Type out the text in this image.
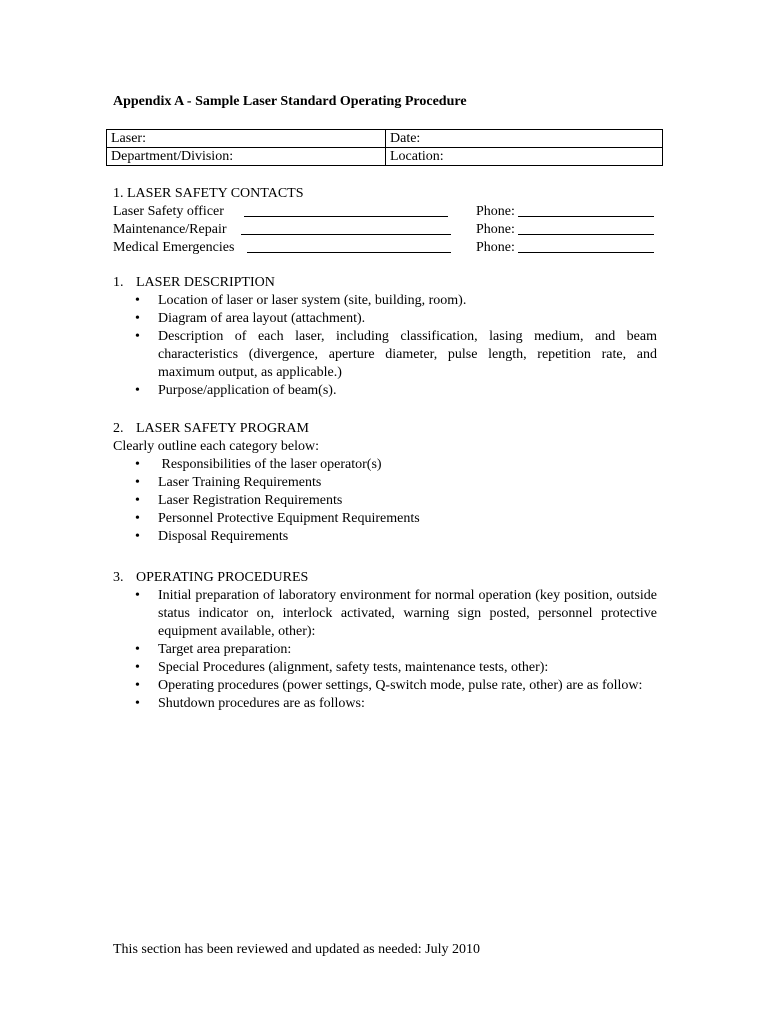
Appendix A - Sample Laser Standard Operating Procedure
Laser:	Date:
Department/Division:	Location:
1. LASER SAFETY CONTACTS
Laser Safety officer	Phone:
Maintenance/Repair	Phone:
Medical Emergencies	Phone:
1. LASER DESCRIPTION
• Location of laser or laser system (site, building, room).
• Diagram of area layout (attachment).
• Description of each laser, including classification, lasing medium, and beam characteristics (divergence, aperture diameter, pulse length, repetition rate, and maximum output, as applicable.)
• Purpose/application of beam(s).
2. LASER SAFETY PROGRAM
Clearly outline each category below:
• Responsibilities of the laser operator(s)
• Laser Training Requirements
• Laser Registration Requirements
• Personnel Protective Equipment Requirements
• Disposal Requirements
3. OPERATING PROCEDURES
• Initial preparation of laboratory environment for normal operation (key position, outside status indicator on, interlock activated, warning sign posted, personnel protective equipment available, other):
• Target area preparation:
• Special Procedures (alignment, safety tests, maintenance tests, other):
• Operating procedures (power settings, Q-switch mode, pulse rate, other) are as follow:
• Shutdown procedures are as follows:
This section has been reviewed and updated as needed: July 2010
